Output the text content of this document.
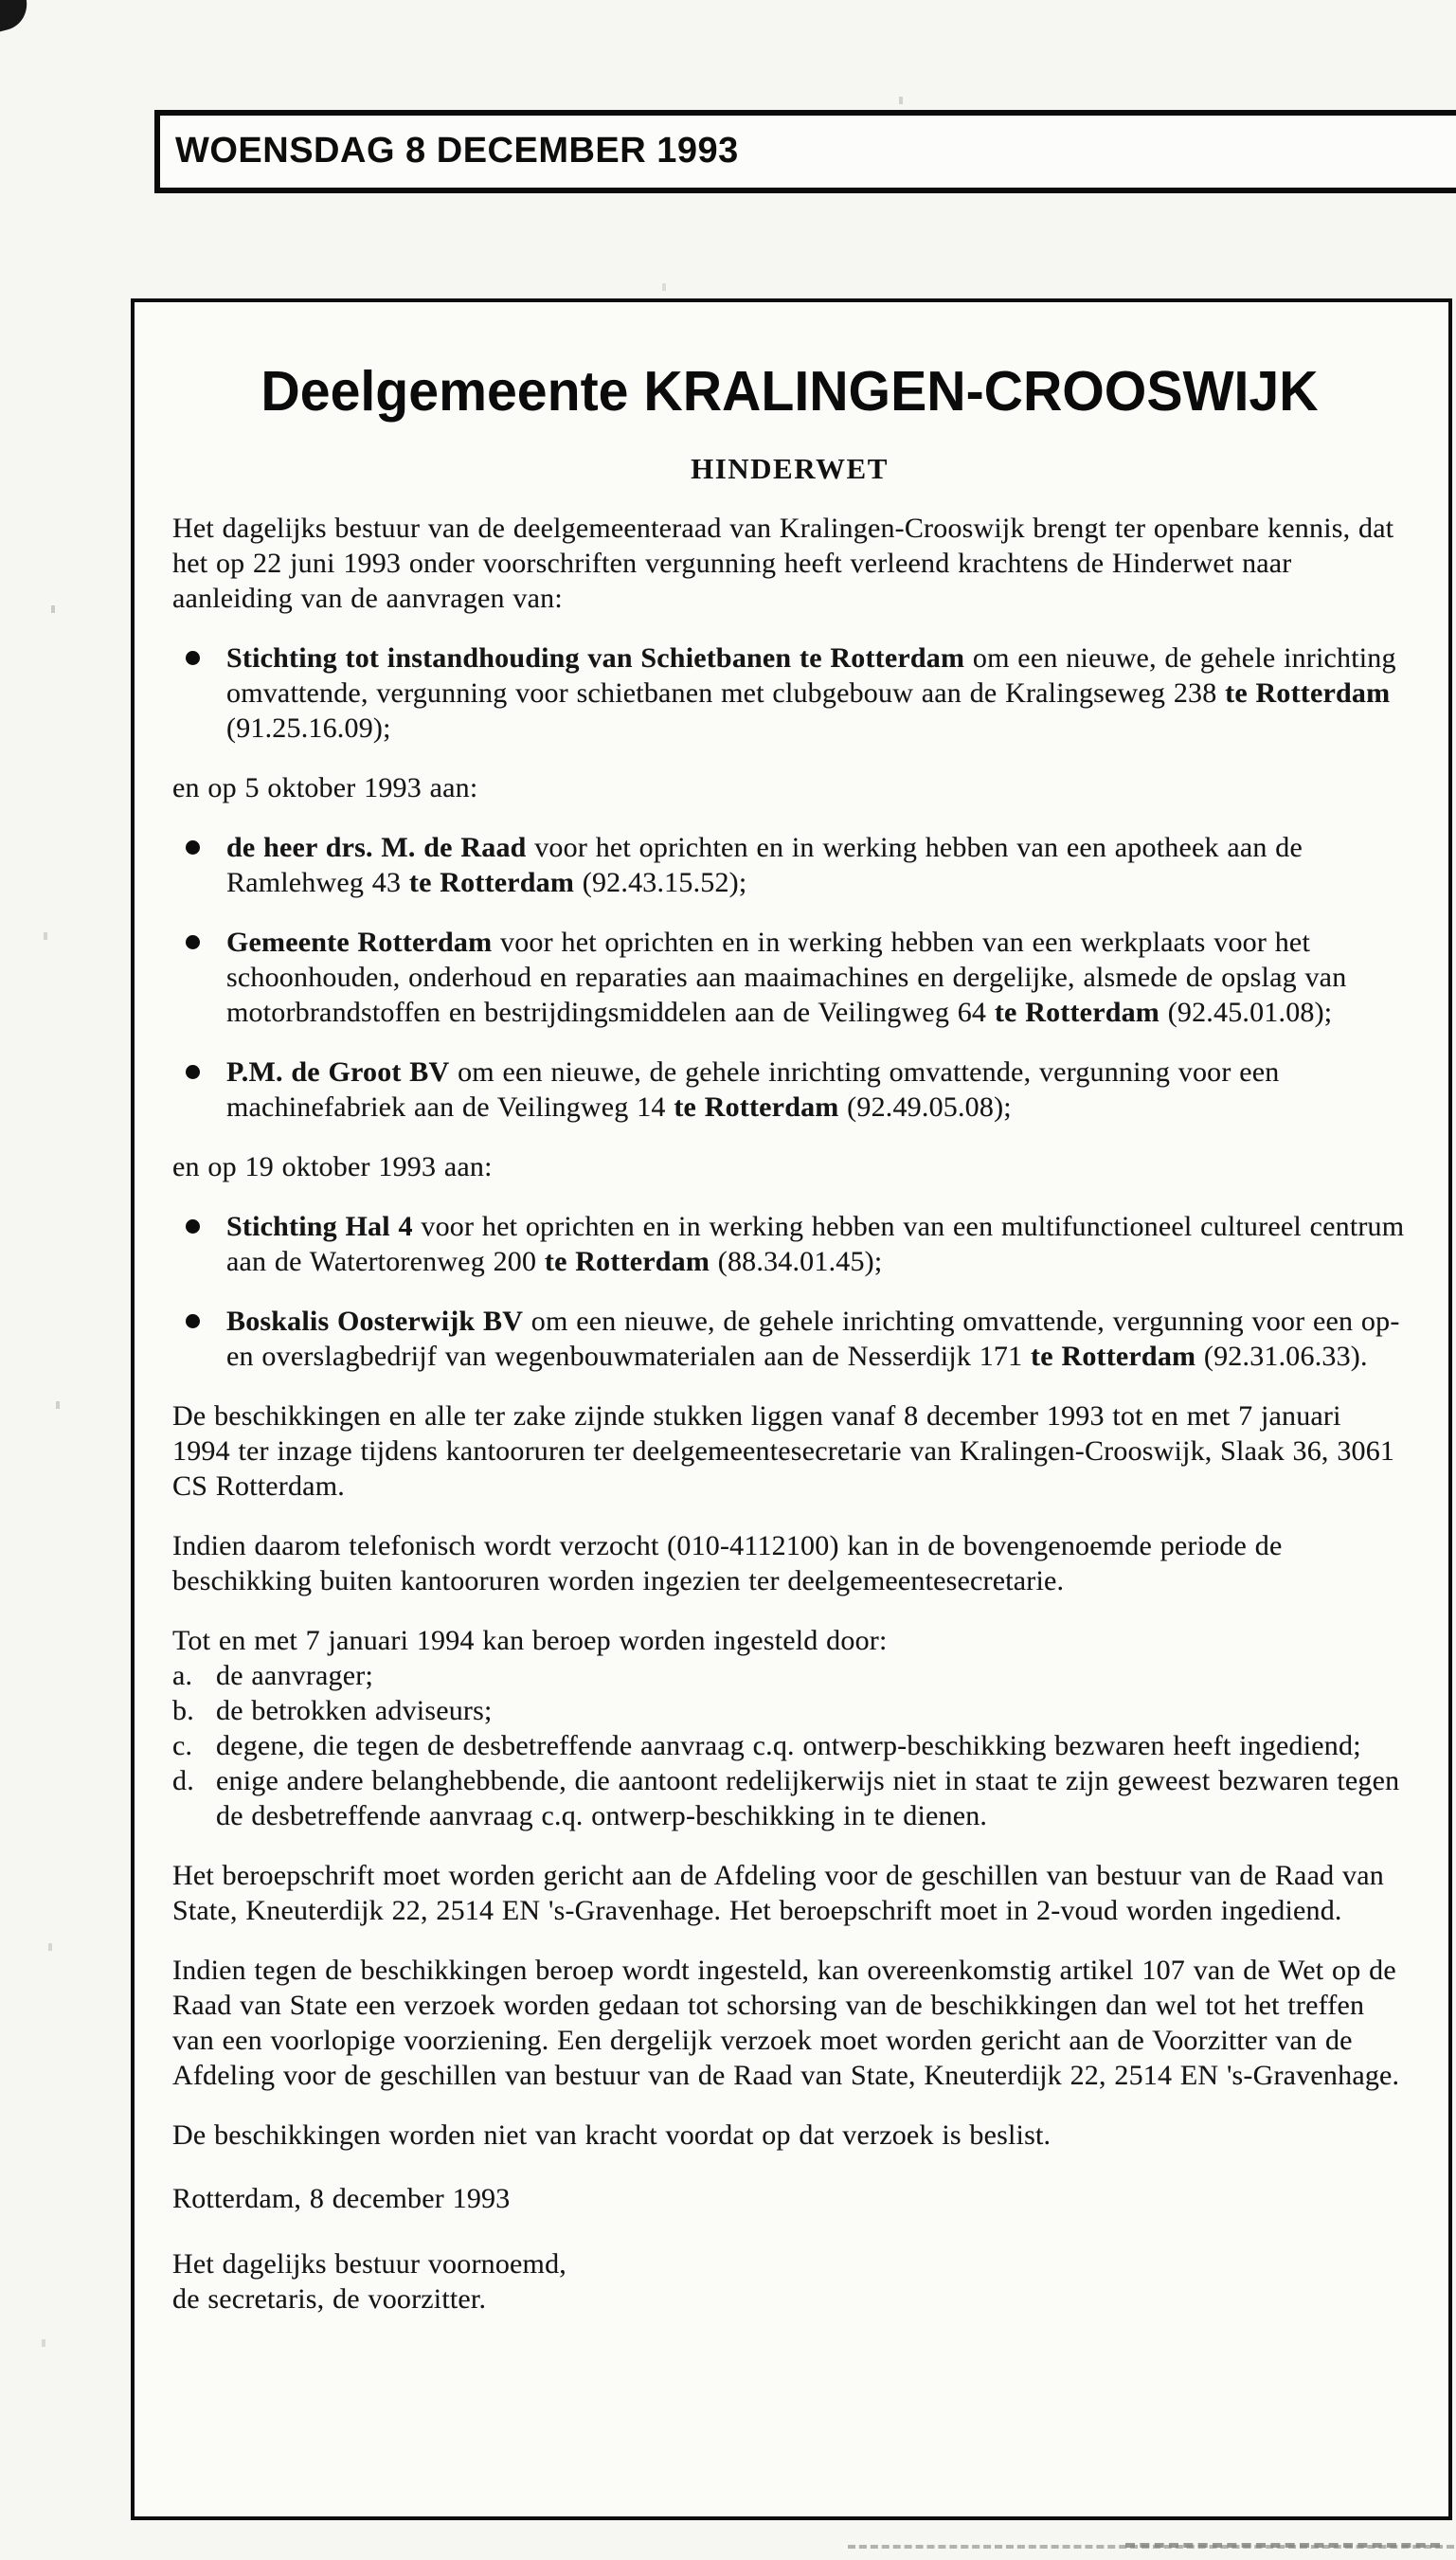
WOENSDAG 8 DECEMBER 1993
Deelgemeente KRALINGEN-CROOSWIJK
HINDERWET

Het dagelijks bestuur van de deelgemeenteraad van Kralingen-Crooswijk brengt ter openbare kennis, dat het op 22 juni 1993 onder voorschriften vergunning heeft verleend krachtens de Hinderwet naar aanleiding van de aanvragen van:

Stichting tot instandhouding van Schietbanen te Rotterdam om een nieuwe, de gehele inrichting omvattende, vergunning voor schietbanen met clubgebouw aan de Kralingseweg 238 te Rotterdam (91.25.16.09);

en op 5 oktober 1993 aan:

de heer drs. M. de Raad voor het oprichten en in werking hebben van een apotheek aan de Ramlehweg 43 te Rotterdam (92.43.15.52);
Gemeente Rotterdam voor het oprichten en in werking hebben van een werkplaats voor het schoonhouden, onderhoud en reparaties aan maaimachines en dergelijke, alsmede de opslag van motorbrandstoffen en bestrijdingsmiddelen aan de Veilingweg 64 te Rotterdam (92.45.01.08);
P.M. de Groot BV om een nieuwe, de gehele inrichting omvattende, vergunning voor een machinefabriek aan de Veilingweg 14 te Rotterdam (92.49.05.08);

en op 19 oktober 1993 aan:

Stichting Hal 4 voor het oprichten en in werking hebben van een multifunctioneel cultureel centrum aan de Watertorenweg 200 te Rotterdam (88.34.01.45);
Boskalis Oosterwijk BV om een nieuwe, de gehele inrichting omvattende, vergunning voor een op- en overslagbedrijf van wegenbouwmaterialen aan de Nesserdijk 171 te Rotterdam (92.31.06.33).

De beschikkingen en alle ter zake zijnde stukken liggen vanaf 8 december 1993 tot en met 7 januari 1994 ter inzage tijdens kantooruren ter deelgemeentesecretarie van Kralingen-Crooswijk, Slaak 36, 3061 CS Rotterdam.

Indien daarom telefonisch wordt verzocht (010-4112100) kan in de bovengenoemde periode de beschikking buiten kantooruren worden ingezien ter deelgemeentesecretarie.

Tot en met 7 januari 1994 kan beroep worden ingesteld door:

a. de aanvrager;
b. de betrokken adviseurs;
c. degene, die tegen de desbetreffende aanvraag c.q. ontwerp-beschikking bezwaren heeft ingediend;
d. enige andere belanghebbende, die aantoont redelijkerwijs niet in staat te zijn geweest bezwaren tegen de desbetreffende aanvraag c.q. ontwerp-beschikking in te dienen.

Het beroepschrift moet worden gericht aan de Afdeling voor de geschillen van bestuur van de Raad van State, Kneuterdijk 22, 2514 EN 's-Gravenhage. Het beroepschrift moet in 2-voud worden ingediend.

Indien tegen de beschikkingen beroep wordt ingesteld, kan overeenkomstig artikel 107 van de Wet op de Raad van State een verzoek worden gedaan tot schorsing van de beschikkingen dan wel tot het treffen van een voorlopige voorziening. Een dergelijk verzoek moet worden gericht aan de Voorzitter van de Afdeling voor de geschillen van bestuur van de Raad van State, Kneuterdijk 22, 2514 EN 's-Gravenhage.

De beschikkingen worden niet van kracht voordat op dat verzoek is beslist.

Rotterdam, 8 december 1993

Het dagelijks bestuur voornoemd,

de secretaris, de voorzitter.
